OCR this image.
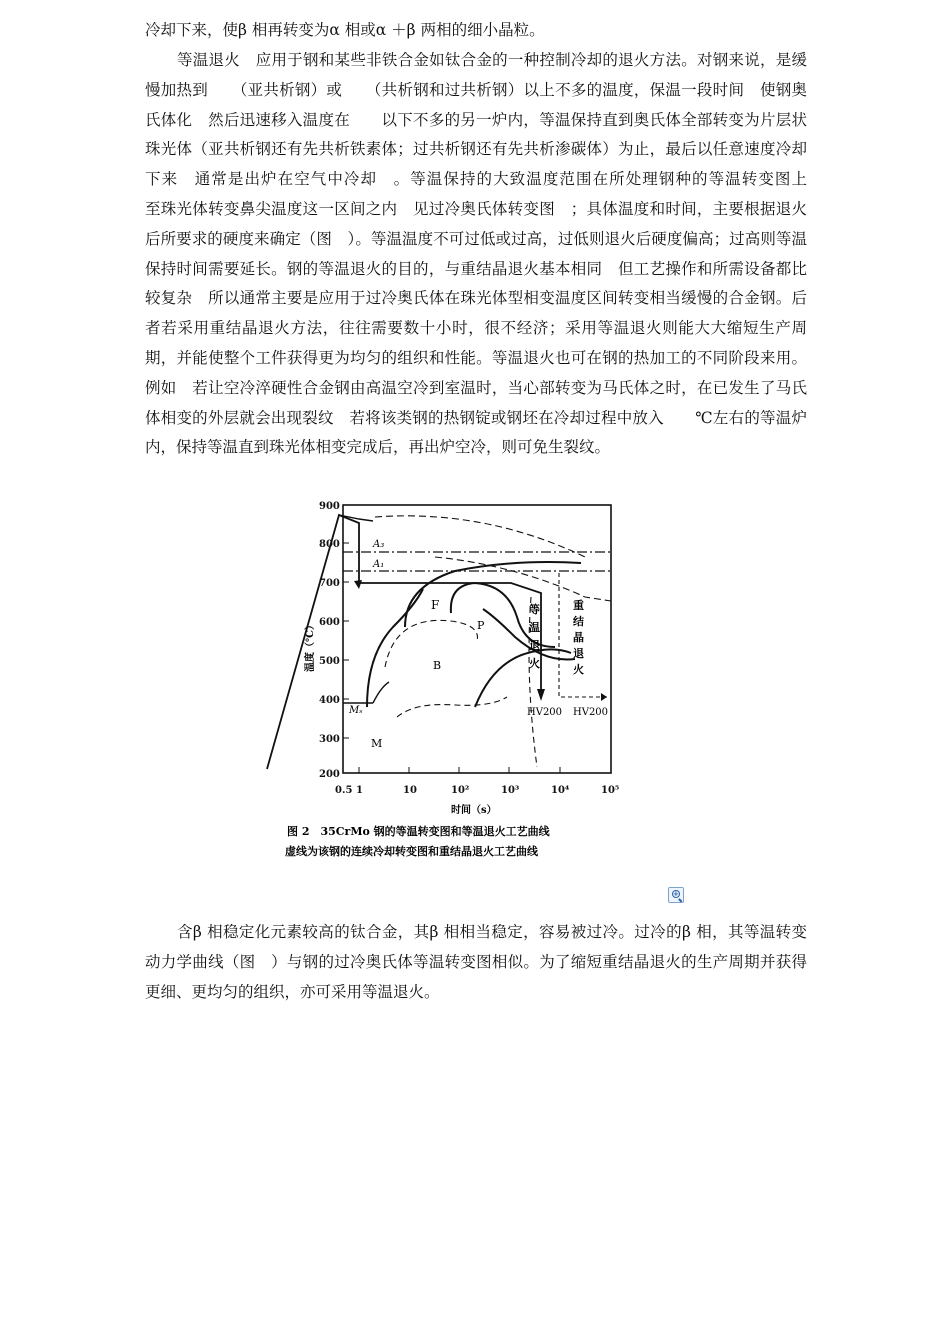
冷却下来，使β 相再转变为α 相或α ＋β 两相的细小晶粒。

等温退火　应用于钢和某些非铁合金如钛合金的一种控制冷却的退火方法。对钢来说，是缓慢加热到　　（亚共析钢）或　　（共析钢和过共析钢）以上不多的温度，保温一段时间　使钢奥氏体化　然后迅速移入温度在　　以下不多的另一炉内，等温保持直到奥氏体全部转变为片层状珠光体（亚共析钢还有先共析铁素体；过共析钢还有先共析渗碳体）为止，最后以任意速度冷却下来　通常是出炉在空气中冷却　。等温保持的大致温度范围在所处理钢种的等温转变图上　　至珠光体转变鼻尖温度这一区间之内　见过冷奥氏体转变图　；具体温度和时间，主要根据退火后所要求的硬度来确定（图　）。等温温度不可过低或过高，过低则退火后硬度偏高；过高则等温保持时间需要延长。钢的等温退火的目的，与重结晶退火基本相同　但工艺操作和所需设备都比较复杂　所以通常主要是应用于过冷奥氏体在珠光体型相变温度区间转变相当缓慢的合金钢。后者若采用重结晶退火方法，往往需要数十小时，很不经济；采用等温退火则能大大缩短生产周期，并能使整个工件获得更为均匀的组织和性能。等温退火也可在钢的热加工的不同阶段来用。例如　若让空冷淬硬性合金钢由高温空冷到室温时，当心部转变为马氏体之时，在已发生了马氏体相变的外层就会出现裂纹　若将该类钢的热钢锭或钢坯在冷却过程中放入　　℃左右的等温炉内，保持等温直到珠光体相变完成后，再出炉空冷，则可免生裂纹。

含β 相稳定化元素较高的钛合金，其β 相相当稳定，容易被过冷。过冷的β 相，其等温转变动力学曲线（图　）与钢的过冷奥氏体等温转变图相似。为了缩短重结晶退火的生产周期并获得更细、更均匀的组织，亦可采用等温退火。

900
800
700
600
500
400
300
200
温度（℃）
0.5 1	10	10²	10³	10⁴	10⁵
时间（s）
A₃
A₁
F
P
B
M
Mₛ
等
温
退
火
重
结
晶
退
火
HV200 HV200
图 2　35CrMo 钢的等温转变图和等温退火工艺曲线
虚线为该钢的连续冷却转变图和重结晶退火工艺曲线
+
